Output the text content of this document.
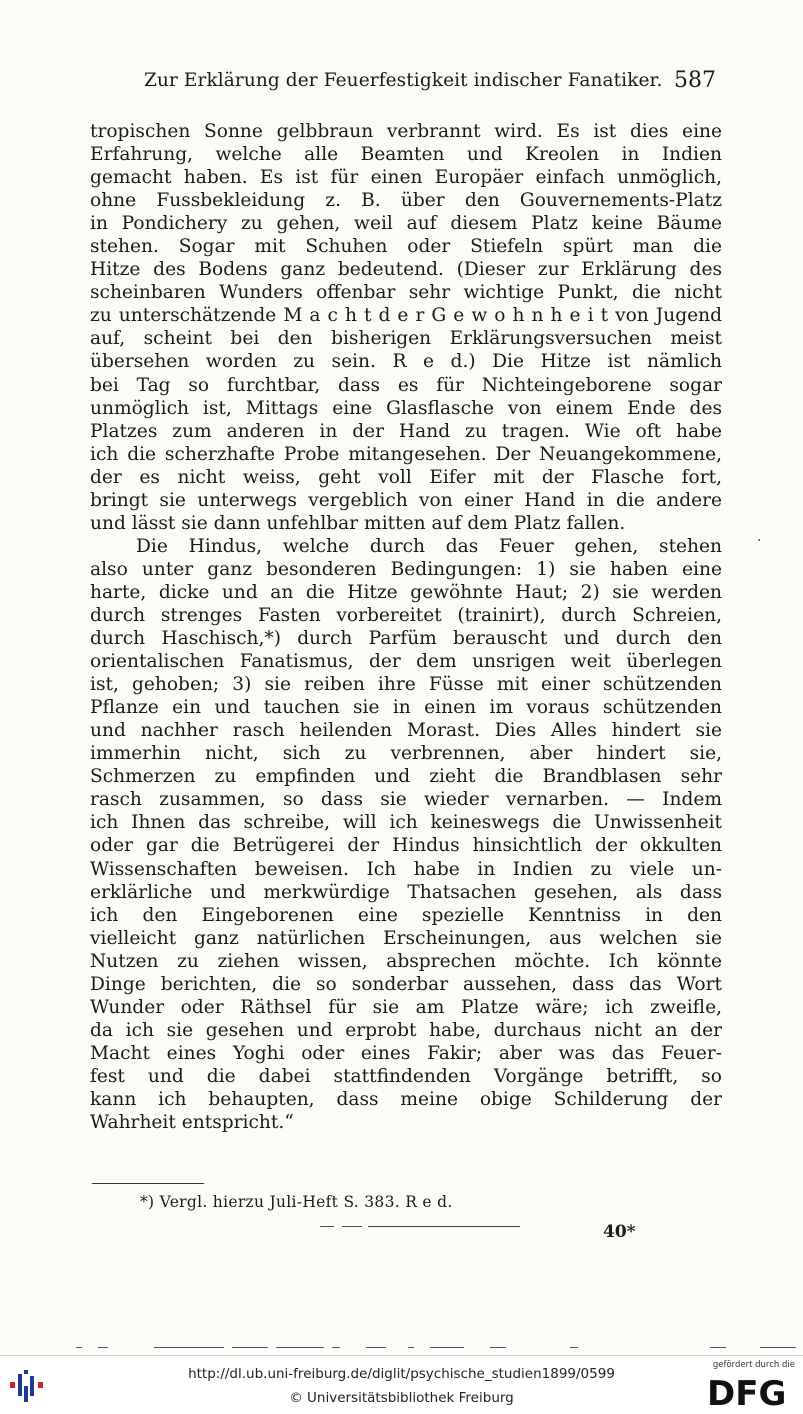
Zur Erklärung der Feuerfestigkeit indischer Fanatiker. 587
tropischen Sonne gelbbraun verbrannt wird. Es ist dies eine
Erfahrung, welche alle Beamten und Kreolen in Indien
gemacht haben. Es ist für einen Europäer einfach unmöglich,
ohne Fussbekleidung z. B. über den Gouvernements-Platz
in Pondichery zu gehen, weil auf diesem Platz keine Bäume
stehen. Sogar mit Schuhen oder Stiefeln spürt man die
Hitze des Bodens ganz bedeutend. (Dieser zur Erklärung des
scheinbaren Wunders offenbar sehr wichtige Punkt, die nicht
zu unterschätzende M a c h t d e r G e w o h n h e i t von Jugend
auf, scheint bei den bisherigen Erklärungsversuchen meist
übersehen worden zu sein. R e d.) Die Hitze ist nämlich
bei Tag so furchtbar, dass es für Nichteingeborene sogar
unmöglich ist, Mittags eine Glasflasche von einem Ende des
Platzes zum anderen in der Hand zu tragen. Wie oft habe
ich die scherzhafte Probe mitangesehen. Der Neuangekommene,
der es nicht weiss, geht voll Eifer mit der Flasche fort,
bringt sie unterwegs vergeblich von einer Hand in die andere
und lässt sie dann unfehlbar mitten auf dem Platz fallen.
Die Hindus, welche durch das Feuer gehen, stehen
also unter ganz besonderen Bedingungen: 1) sie haben eine
harte, dicke und an die Hitze gewöhnte Haut; 2) sie werden
durch strenges Fasten vorbereitet (trainirt), durch Schreien,
durch Haschisch,*) durch Parfüm berauscht und durch den
orientalischen Fanatismus, der dem unsrigen weit überlegen
ist, gehoben; 3) sie reiben ihre Füsse mit einer schützenden
Pflanze ein und tauchen sie in einen im voraus schützenden
und nachher rasch heilenden Morast. Dies Alles hindert sie
immerhin nicht, sich zu verbrennen, aber hindert sie,
Schmerzen zu empfinden und zieht die Brandblasen sehr
rasch zusammen, so dass sie wieder vernarben. — Indem
ich Ihnen das schreibe, will ich keineswegs die Unwissenheit
oder gar die Betrügerei der Hindus hinsichtlich der okkulten
Wissenschaften beweisen. Ich habe in Indien zu viele un-
erklärliche und merkwürdige Thatsachen gesehen, als dass
ich den Eingeborenen eine spezielle Kenntniss in den
vielleicht ganz natürlichen Erscheinungen, aus welchen sie
Nutzen zu ziehen wissen, absprechen möchte. Ich könnte
Dinge berichten, die so sonderbar aussehen, dass das Wort
Wunder oder Räthsel für sie am Platze wäre; ich zweifle,
da ich sie gesehen und erprobt habe, durchaus nicht an der
Macht eines Yoghi oder eines Fakir; aber was das Feuer-
fest und die dabei stattfindenden Vorgänge betrifft, so
kann ich behaupten, dass meine obige Schilderung der
Wahrheit entspricht.“
·
*) Vergl. hierzu Juli-Heft S. 383. R e d.
40*
http://dl.ub.uni-freiburg.de/diglit/psychische_studien1899/0599
© Universitätsbibliothek Freiburg
gefördert durch die
DFG
